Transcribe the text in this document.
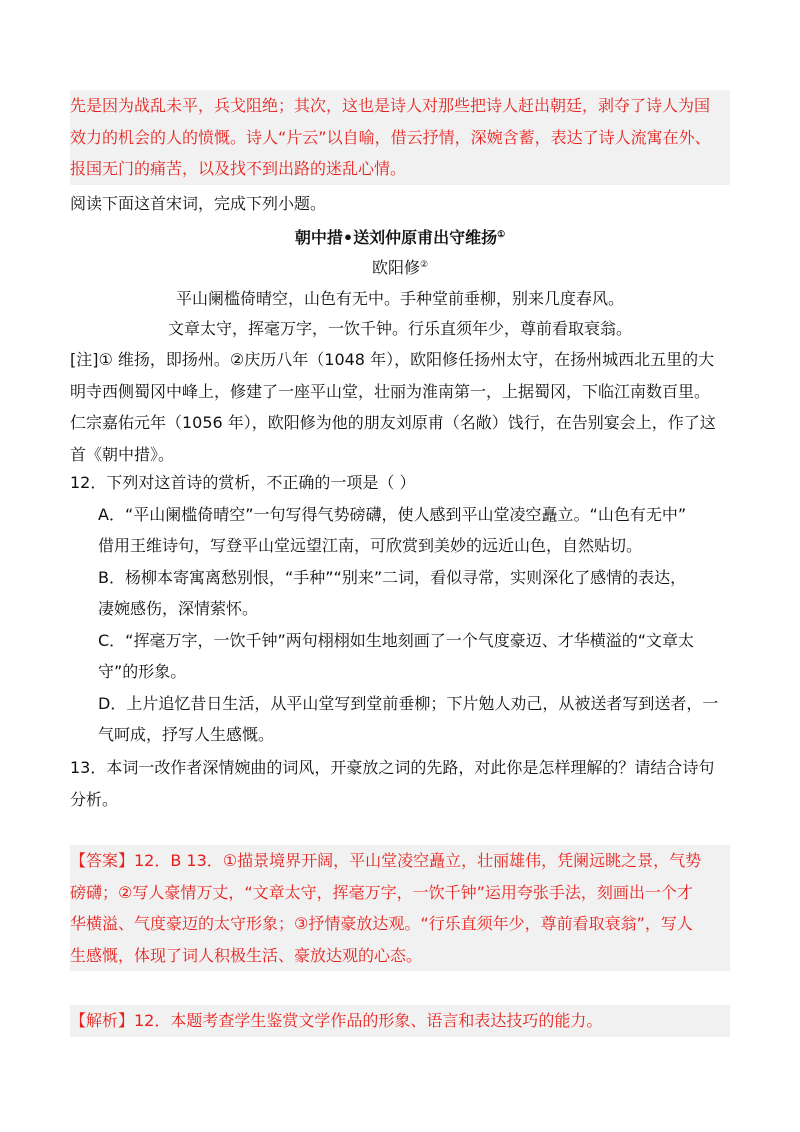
先是因为战乱未平，兵戈阻绝；其次，这也是诗人对那些把诗人赶出朝廷，剥夺了诗人为国
效力的机会的人的愤慨。诗人“片云”以自喻，借云抒情，深婉含蓄，表达了诗人流寓在外、
报国无门的痛苦，以及找不到出路的迷乱心情。
阅读下面这首宋词，完成下列小题。
朝中措•送刘仲原甫出守维扬①
欧阳修②
平山阑槛倚晴空，山色有无中。手种堂前垂柳，别来几度春风。
文章太守，挥毫万字，一饮千钟。行乐直须年少，尊前看取衰翁。
[注]① 维扬，即扬州。②庆历八年（1048 年），欧阳修任扬州太守，在扬州城西北五里的大
明寺西侧蜀冈中峰上，修建了一座平山堂，壮丽为淮南第一，上据蜀冈，下临江南数百里。
仁宗嘉佑元年（1056 年），欧阳修为他的朋友刘原甫（名敞）饯行，在告别宴会上，作了这
首《朝中措》。
12．下列对这首诗的赏析，不正确的一项是（ ）
A．“平山阑槛倚晴空”一句写得气势磅礴，使人感到平山堂凌空矗立。“山色有无中”
借用王维诗句，写登平山堂远望江南，可欣赏到美妙的远近山色，自然贴切。
B．杨柳本寄寓离愁别恨，“手种”“别来”二词，看似寻常，实则深化了感情的表达，
凄婉感伤，深情萦怀。
C．“挥毫万字，一饮千钟”两句栩栩如生地刻画了一个气度豪迈、才华横溢的“文章太
守”的形象。
D．上片追忆昔日生活，从平山堂写到堂前垂柳；下片勉人劝己，从被送者写到送者，一
气呵成，抒写人生感慨。
13．本词一改作者深情婉曲的词风，开豪放之词的先路，对此你是怎样理解的？请结合诗句
分析。
【答案】12．B 13．①描景境界开阔，平山堂凌空矗立，壮丽雄伟，凭阑远眺之景，气势
磅礴；②写人豪情万丈，“文章太守，挥毫万字，一饮千钟”运用夸张手法，刻画出一个才
华横溢、气度豪迈的太守形象；③抒情豪放达观。“行乐直须年少，尊前看取衰翁”，写人
生感慨，体现了词人积极生活、豪放达观的心态。
【解析】12．本题考查学生鉴赏文学作品的形象、语言和表达技巧的能力。
